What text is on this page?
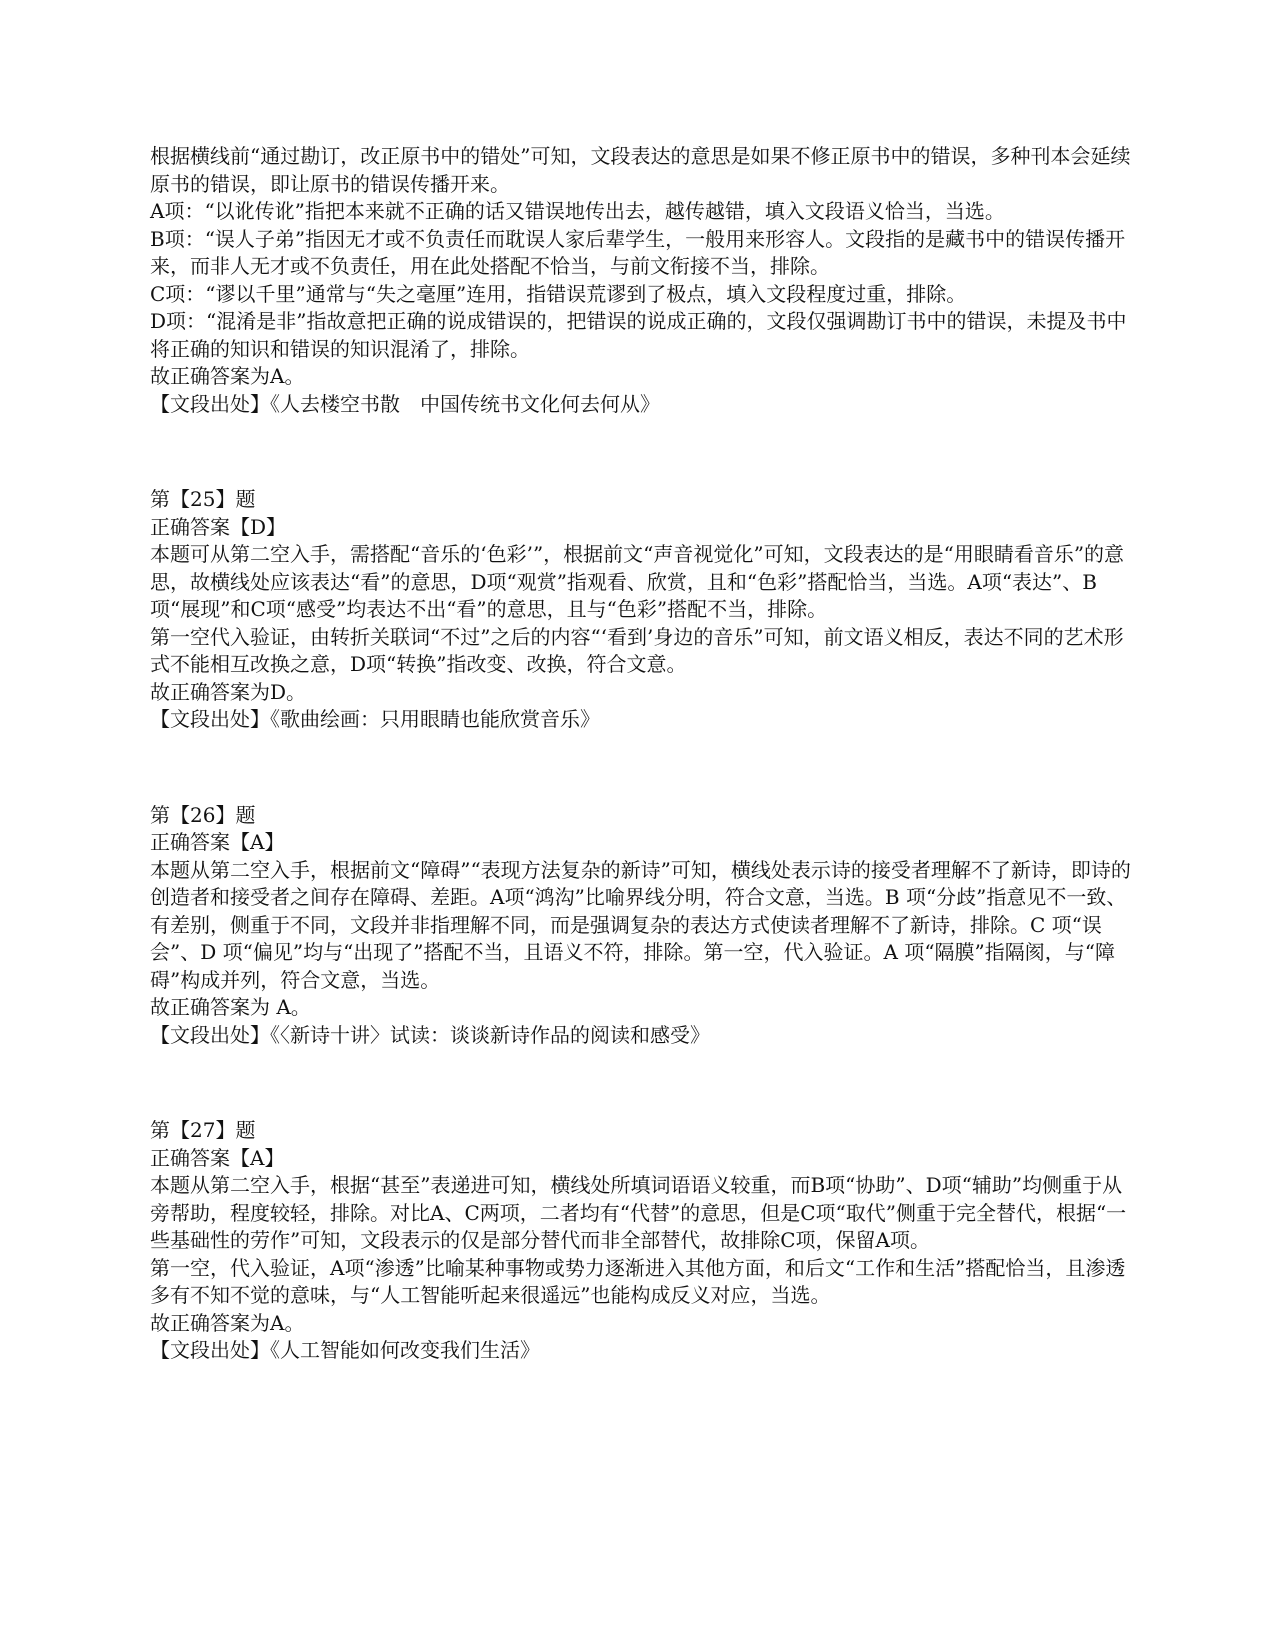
根据横线前“通过勘订，改正原书中的错处”可知，文段表达的意思是如果不修正原书中的错误，多种刊本会延续原书的错误，即让原书的错误传播开来。

A项：“以讹传讹”指把本来就不正确的话又错误地传出去，越传越错，填入文段语义恰当，当选。

B项：“误人子弟”指因无才或不负责任而耽误人家后辈学生，一般用来形容人。文段指的是藏书中的错误传播开来，而非人无才或不负责任，用在此处搭配不恰当，与前文衔接不当，排除。

C项：“谬以千里”通常与“失之毫厘”连用，指错误荒谬到了极点，填入文段程度过重，排除。

D项：“混淆是非”指故意把正确的说成错误的，把错误的说成正确的，文段仅强调勘订书中的错误，未提及书中将正确的知识和错误的知识混淆了，排除。

故正确答案为A。

【文段出处】《人去楼空书散　中国传统书文化何去何从》

第【25】题

正确答案【D】

本题可从第二空入手，需搭配“音乐的‘色彩’”，根据前文“声音视觉化”可知，文段表达的是“用眼睛看音乐”的意思，故横线处应该表达“看”的意思，D项“观赏”指观看、欣赏，且和“色彩”搭配恰当，当选。A项“表达”、B项“展现”和C项“感受”均表达不出“看”的意思，且与“色彩”搭配不当，排除。

第一空代入验证，由转折关联词“不过”之后的内容“‘看到’身边的音乐”可知，前文语义相反，表达不同的艺术形式不能相互改换之意，D项“转换”指改变、改换，符合文意。

故正确答案为D。

【文段出处】《歌曲绘画：只用眼睛也能欣赏音乐》

第【26】题

正确答案【A】

本题从第二空入手，根据前文“障碍”“表现方法复杂的新诗”可知，横线处表示诗的接受者理解不了新诗，即诗的创造者和接受者之间存在障碍、差距。A项“鸿沟”比喻界线分明，符合文意，当选。B 项“分歧”指意见不一致、有差别，侧重于不同，文段并非指理解不同，而是强调复杂的表达方式使读者理解不了新诗，排除。C 项“误会”、D 项“偏见”均与“出现了”搭配不当，且语义不符，排除。第一空，代入验证。A 项“隔膜”指隔阂，与“障碍”构成并列，符合文意，当选。

故正确答案为 A。

【文段出处】《〈新诗十讲〉试读：谈谈新诗作品的阅读和感受》

第【27】题

正确答案【A】

本题从第二空入手，根据“甚至”表递进可知，横线处所填词语语义较重，而B项“协助”、D项“辅助”均侧重于从旁帮助，程度较轻，排除。对比A、C两项，二者均有“代替”的意思，但是C项“取代”侧重于完全替代，根据“一些基础性的劳作”可知，文段表示的仅是部分替代而非全部替代，故排除C项，保留A项。

第一空，代入验证，A项“渗透”比喻某种事物或势力逐渐进入其他方面，和后文“工作和生活”搭配恰当，且渗透多有不知不觉的意味，与“人工智能听起来很遥远”也能构成反义对应，当选。

故正确答案为A。

【文段出处】《人工智能如何改变我们生活》
